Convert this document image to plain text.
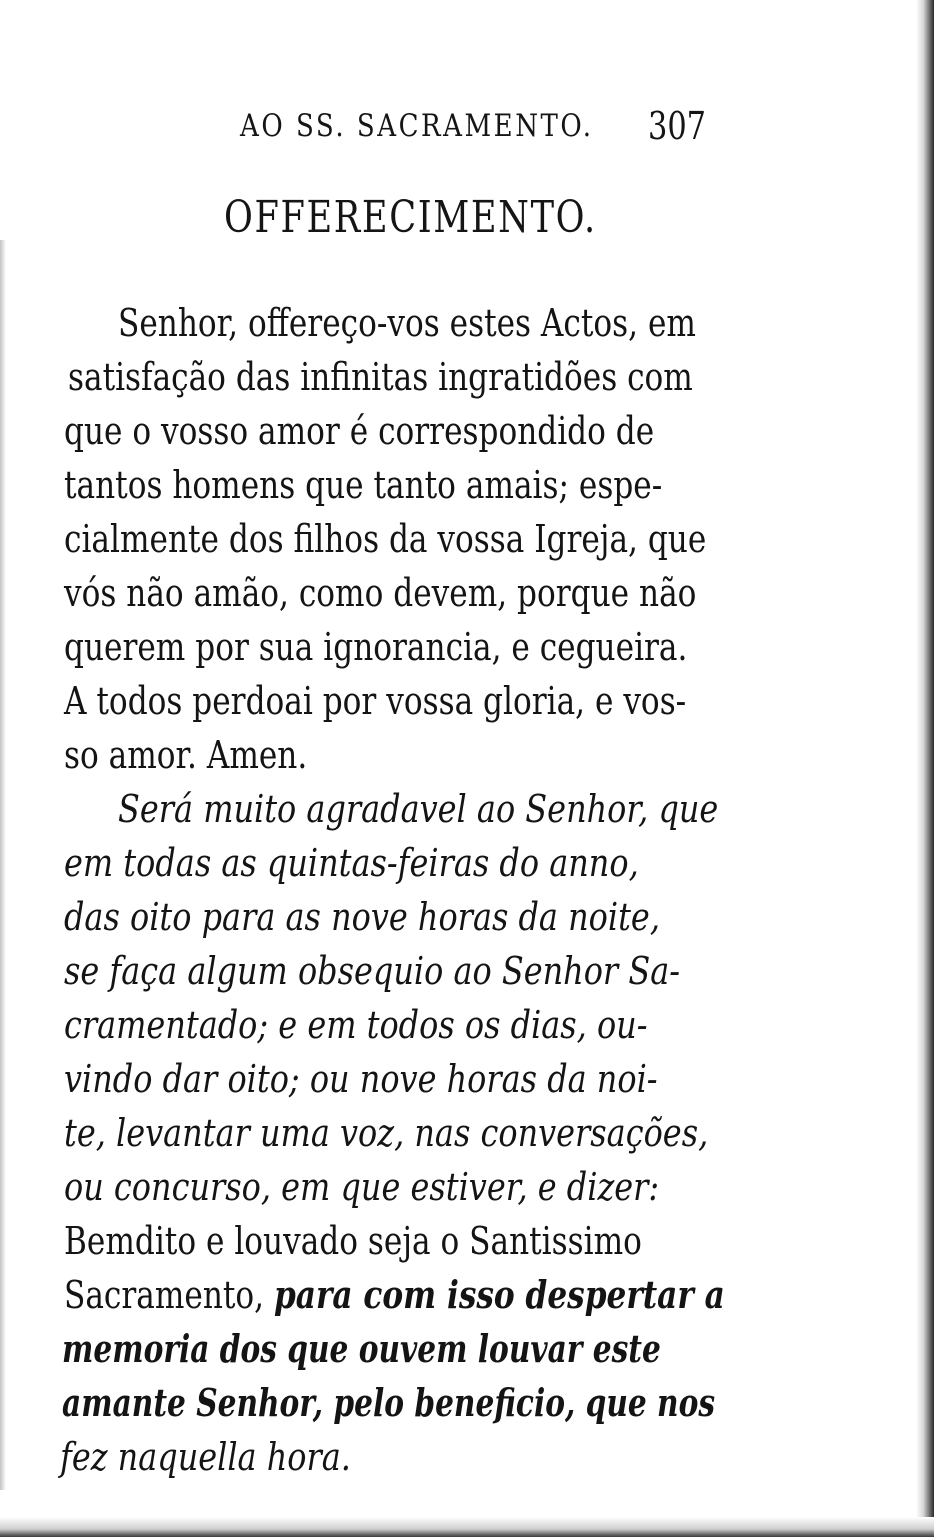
AO SS. SACRAMENTO. 307
OFFERECIMENTO.
Senhor, offereço-vos estes Actos, em
satisfação das infinitas ingratidões com
que o vosso amor é correspondido de
tantos homens que tanto amais; espe-
cialmente dos filhos da vossa Igreja, que
vós não amão, como devem, porque não
querem por sua ignorancia, e cegueira.
A todos perdoai por vossa gloria, e vos-
so amor. Amen.
Será muito agradavel ao Senhor, que
em todas as quintas-feiras do anno,
das oito para as nove horas da noite,
se faça algum obsequio ao Senhor Sa-
cramentado; e em todos os dias, ou-
vindo dar oito; ou nove horas da noi-
te, levantar uma voz, nas conversações,
ou concurso, em que estiver, e dizer:
Bemdito e louvado seja o Santissimo
Sacramento, para com isso despertar a
memoria dos que ouvem louvar este
amante Senhor, pelo beneficio, que nos
fez naquella hora.
